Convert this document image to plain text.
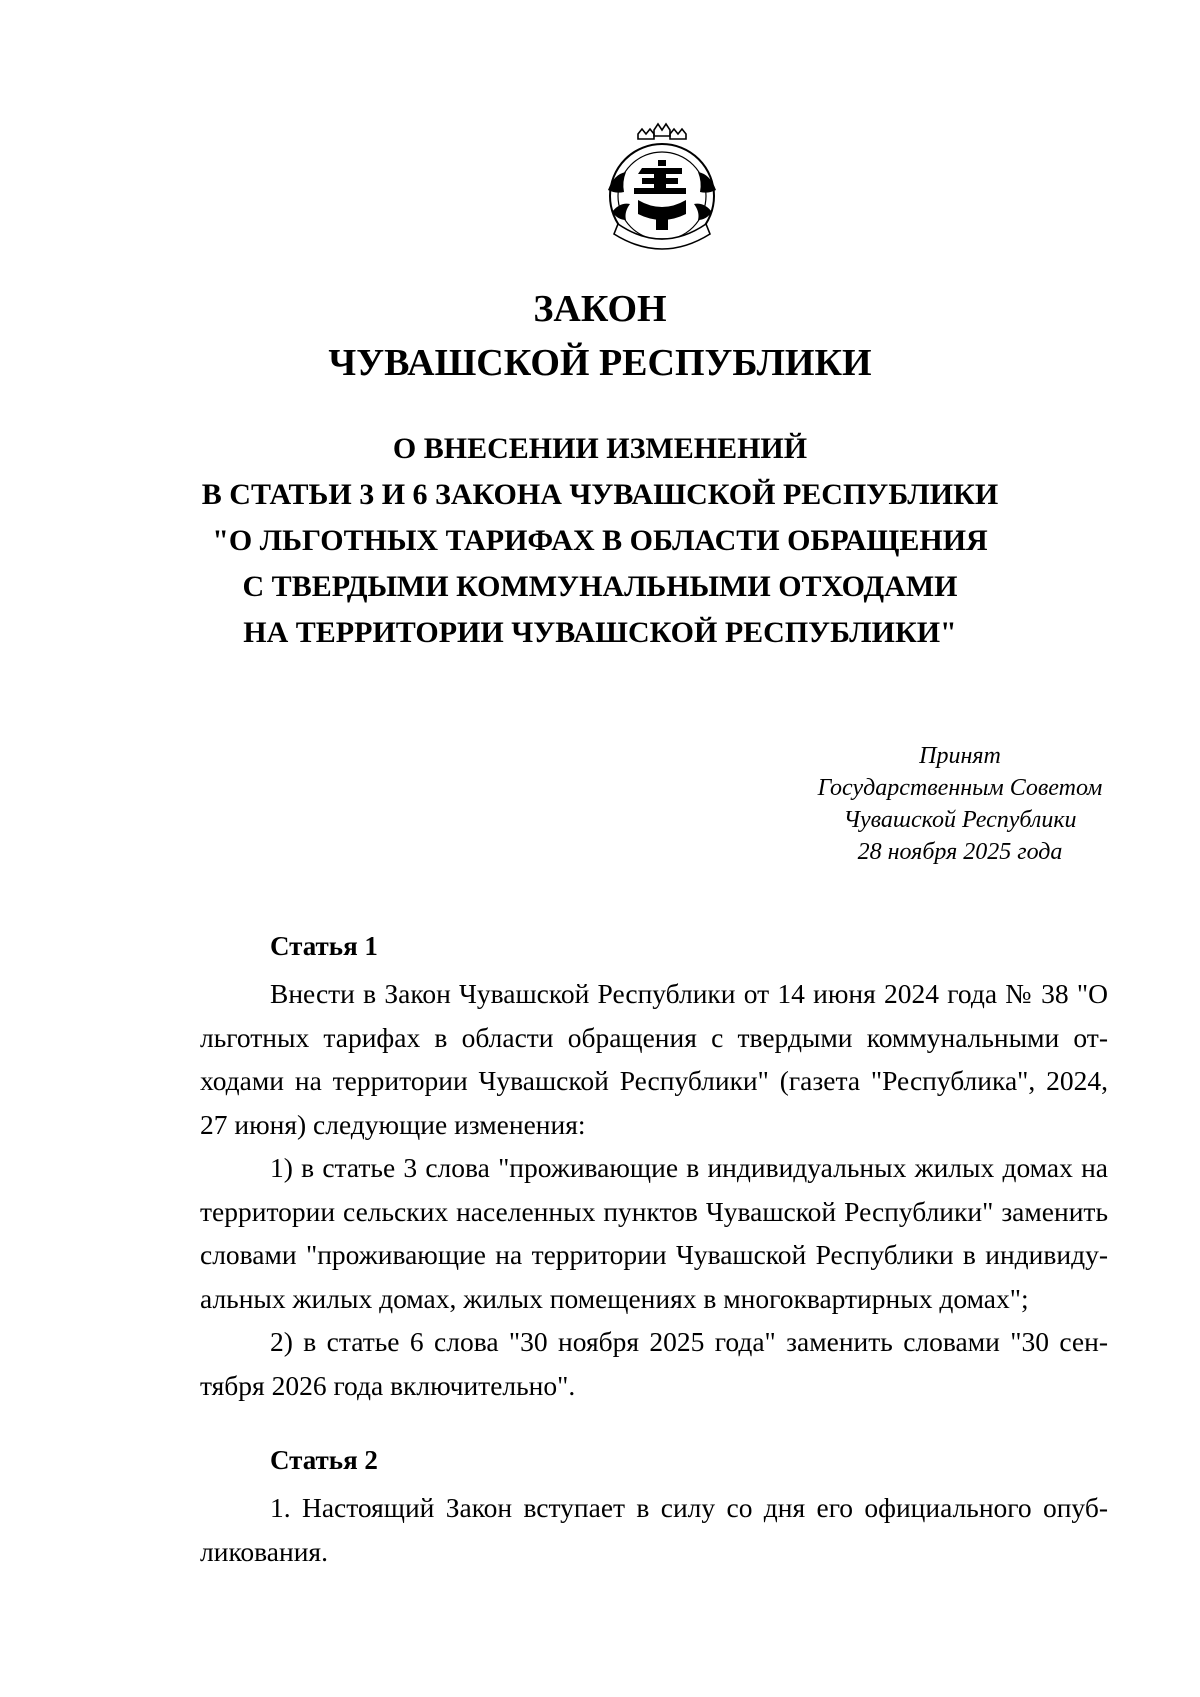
ЗАКОН
ЧУВАШСКОЙ РЕСПУБЛИКИ
О ВНЕСЕНИИ ИЗМЕНЕНИЙ
В СТАТЬИ 3 И 6 ЗАКОНА ЧУВАШСКОЙ РЕСПУБЛИКИ
"О ЛЬГОТНЫХ ТАРИФАХ В ОБЛАСТИ ОБРАЩЕНИЯ
С ТВЕРДЫМИ КОММУНАЛЬНЫМИ ОТХОДАМИ
НА ТЕРРИТОРИИ ЧУВАШСКОЙ РЕСПУБЛИКИ"
Принят
Государственным Советом
Чувашской Республики
28 ноября 2025 года
Статья 1

Внести в Закон Чувашской Республики от 14 июня 2024 года № 38 "О льготных тарифах в области обращения с твердыми коммунальными отходами на территории Чувашской Республики" (газета "Республика", 2024, 27 июня) следующие изменения:

1) в статье 3 слова "проживающие в индивидуальных жилых домах на территории сельских населенных пунктов Чувашской Республики" заменить словами "проживающие на территории Чувашской Республики в индивидуальных жилых домах, жилых помещениях в многоквартирных домах";

2) в статье 6 слова "30 ноября 2025 года" заменить словами "30 сентября 2026 года включительно".

Статья 2

1. Настоящий Закон вступает в силу со дня его официального опубликования.
